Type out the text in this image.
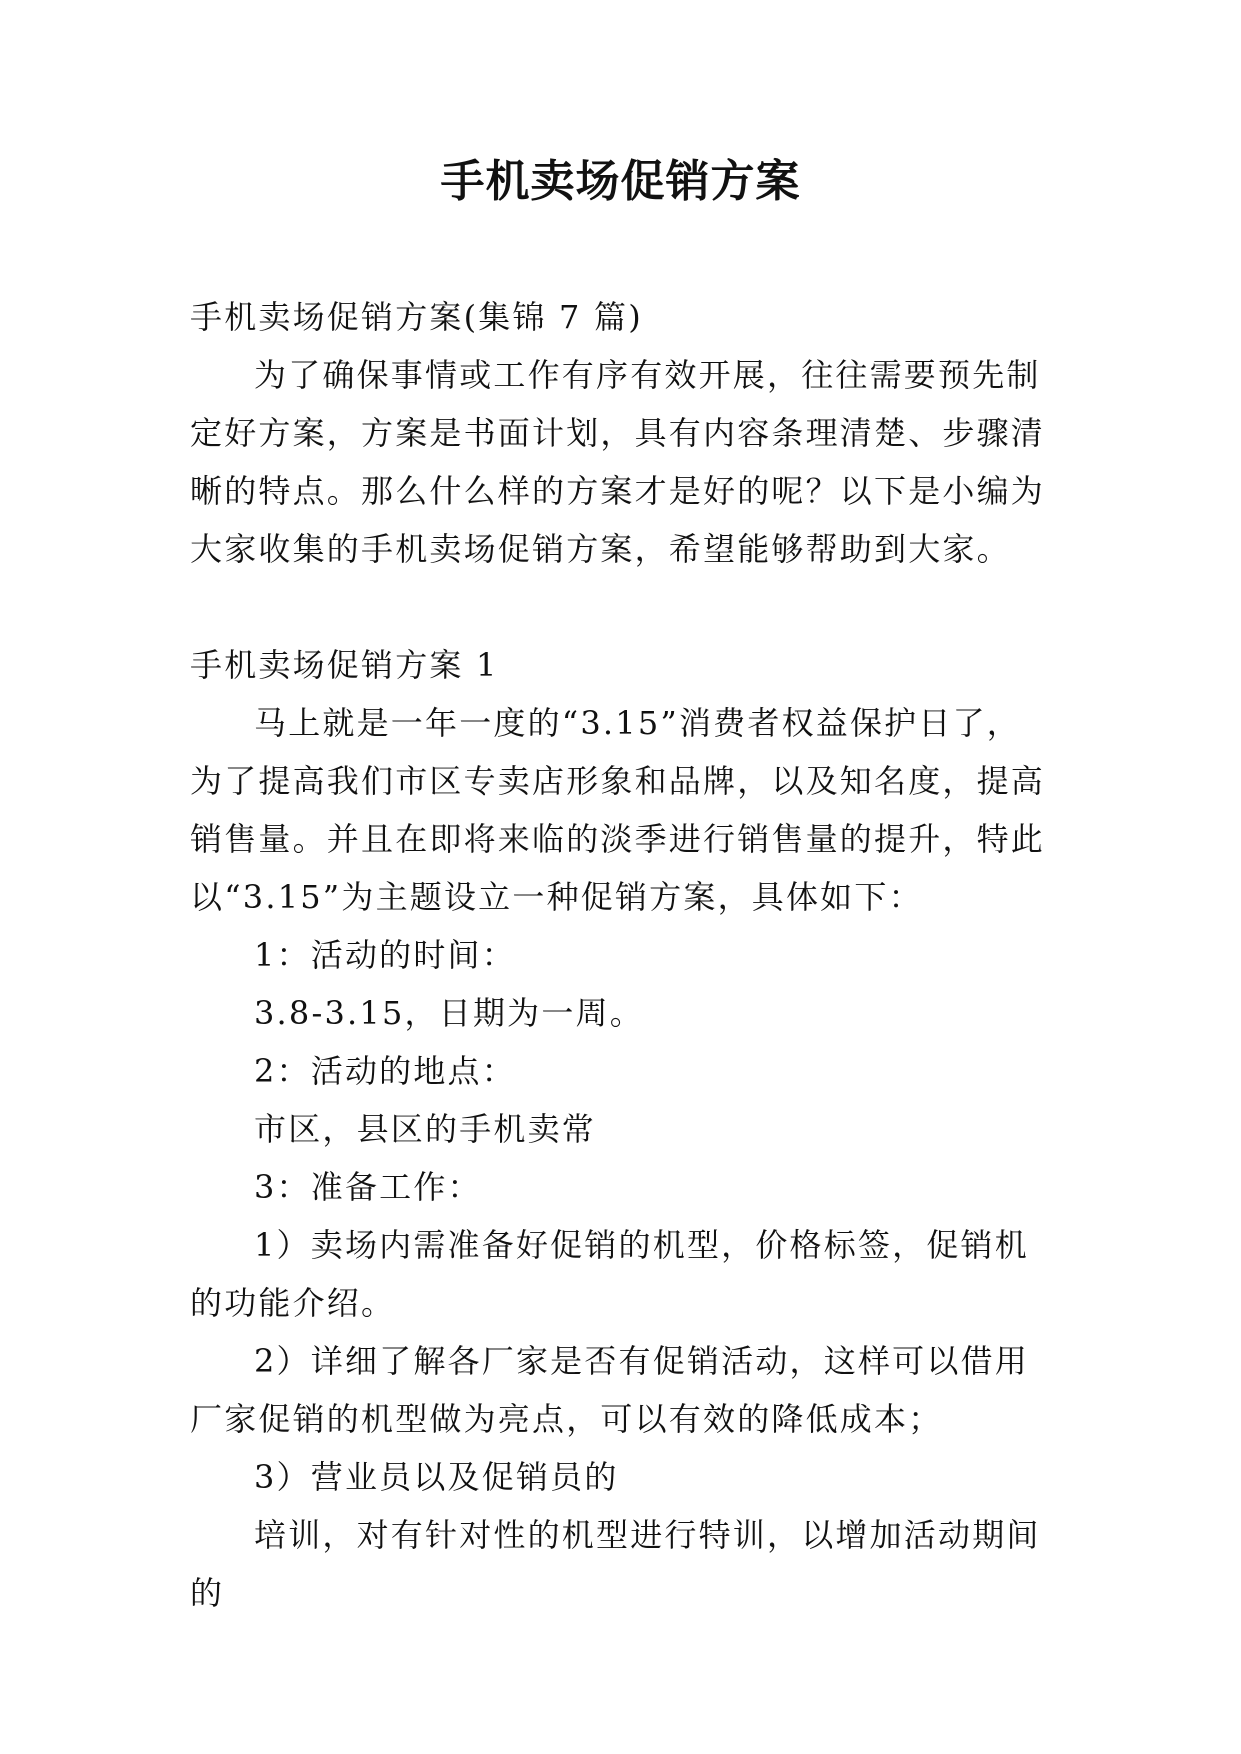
手机卖场促销方案

手机卖场促销方案(集锦 7 篇)

为了确保事情或工作有序有效开展，往往需要预先制定好方案，方案是书面计划，具有内容条理清楚、步骤清晰的特点。那么什么样的方案才是好的呢？以下是小编为大家收集的手机卖场促销方案，希望能够帮助到大家。

手机卖场促销方案 1

马上就是一年一度的“3.15”消费者权益保护日了，为了提高我们市区专卖店形象和品牌，以及知名度，提高销售量。并且在即将来临的淡季进行销售量的提升，特此以“3.15”为主题设立一种促销方案，具体如下：

1：活动的时间：

3.8-3.15，日期为一周。

2：活动的地点：

市区，县区的手机卖常

3：准备工作：

1）卖场内需准备好促销的机型，价格标签，促销机的功能介绍。

2）详细了解各厂家是否有促销活动，这样可以借用厂家促销的机型做为亮点，可以有效的降低成本；

3）营业员以及促销员的

培训，对有针对性的机型进行特训，以增加活动期间的
